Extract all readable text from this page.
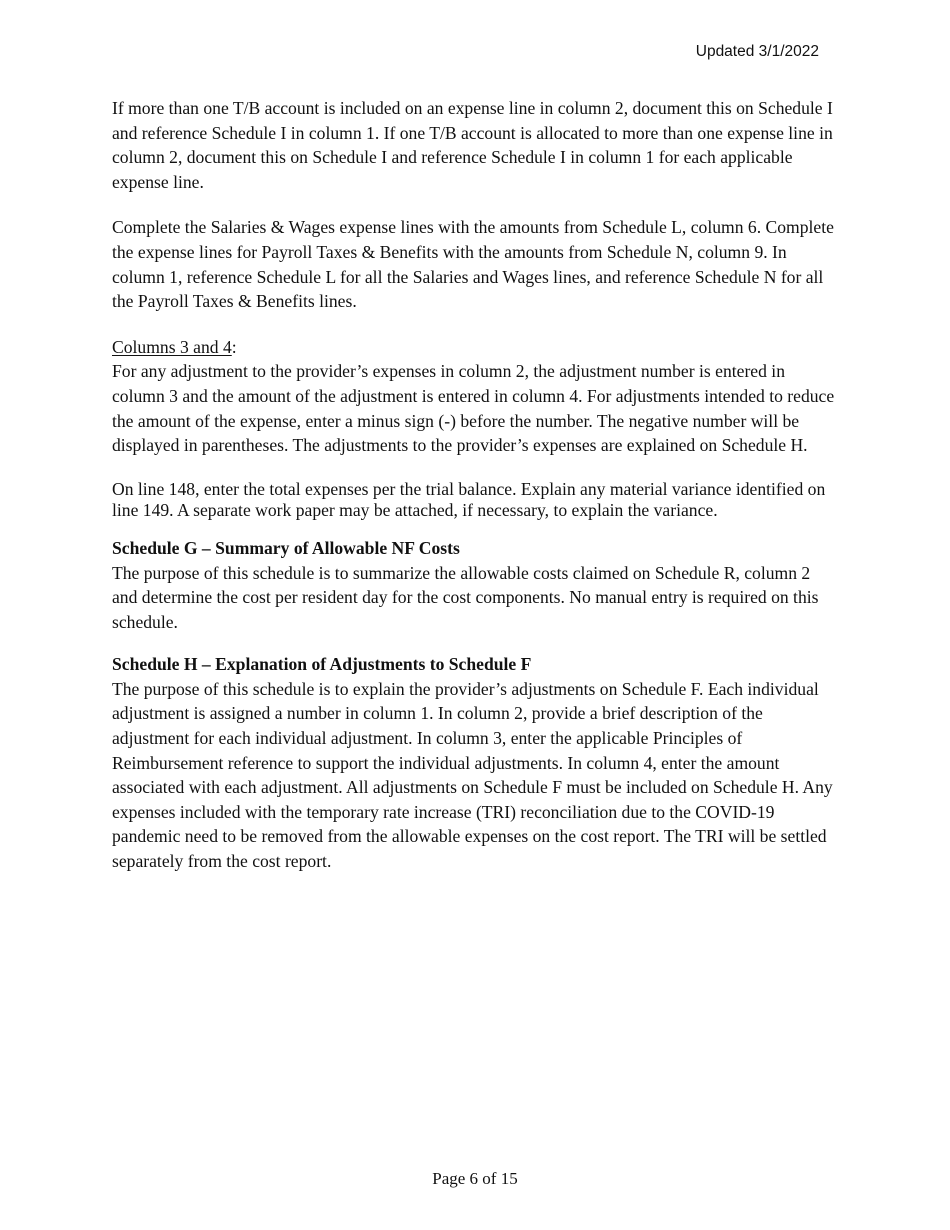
Updated 3/1/2022

If more than one T/B account is included on an expense line in column 2, document this on Schedule I and reference Schedule I in column 1. If one T/B account is allocated to more than one expense line in column 2, document this on Schedule I and reference Schedule I in column 1 for each applicable expense line.

Complete the Salaries & Wages expense lines with the amounts from Schedule L, column 6. Complete the expense lines for Payroll Taxes & Benefits with the amounts from Schedule N, column 9. In column 1, reference Schedule L for all the Salaries and Wages lines, and reference Schedule N for all the Payroll Taxes & Benefits lines.

Columns 3 and 4:

For any adjustment to the provider’s expenses in column 2, the adjustment number is entered in column 3 and the amount of the adjustment is entered in column 4. For adjustments intended to reduce the amount of the expense, enter a minus sign (-) before the number. The negative number will be displayed in parentheses. The adjustments to the provider’s expenses are explained on Schedule H.

On line 148, enter the total expenses per the trial balance. Explain any material variance identified on line 149. A separate work paper may be attached, if necessary, to explain the variance.

Schedule G – Summary of Allowable NF Costs

The purpose of this schedule is to summarize the allowable costs claimed on Schedule R, column 2 and determine the cost per resident day for the cost components. No manual entry is required on this schedule.

Schedule H – Explanation of Adjustments to Schedule F

The purpose of this schedule is to explain the provider’s adjustments on Schedule F. Each individual adjustment is assigned a number in column 1. In column 2, provide a brief description of the adjustment for each individual adjustment. In column 3, enter the applicable Principles of Reimbursement reference to support the individual adjustments. In column 4, enter the amount associated with each adjustment. All adjustments on Schedule F must be included on Schedule H. Any expenses included with the temporary rate increase (TRI) reconciliation due to the COVID-19 pandemic need to be removed from the allowable expenses on the cost report. The TRI will be settled separately from the cost report.

Page 6 of 15
